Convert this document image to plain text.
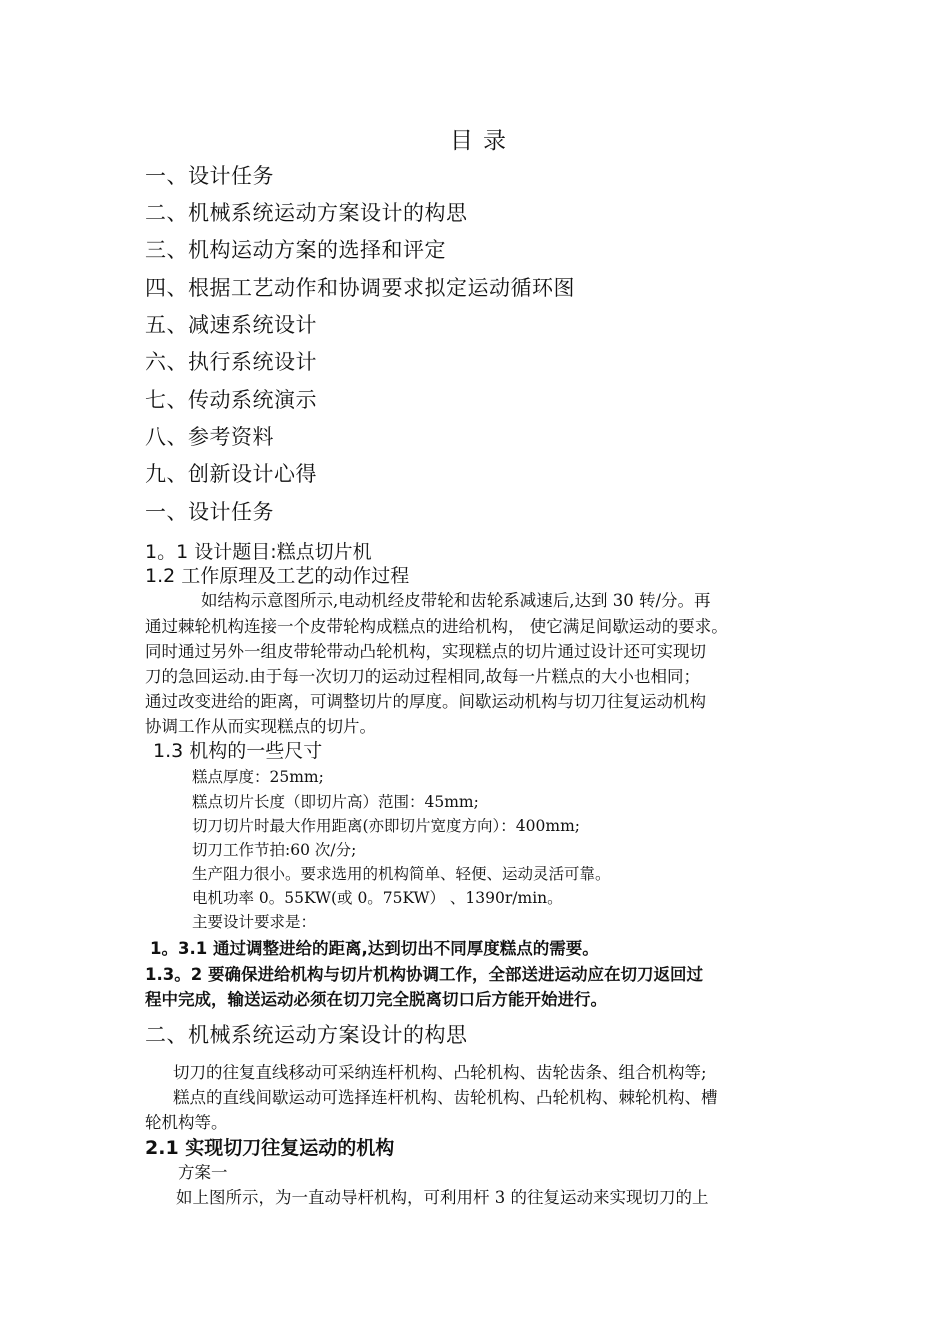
目录
一、设计任务
二、机械系统运动方案设计的构思
三、机构运动方案的选择和评定
四、根据工艺动作和协调要求拟定运动循环图
五、减速系统设计
六、执行系统设计
七、传动系统演示
八、参考资料
九、创新设计心得
一、设计任务
1。1 设计题目:糕点切片机
1.2 工作原理及工艺的动作过程
如结构示意图所示,电动机经皮带轮和齿轮系减速后,达到 30 转/分。再
通过棘轮机构连接一个皮带轮构成糕点的进给机构， 使它满足间歇运动的要求。
同时通过另外一组皮带轮带动凸轮机构，实现糕点的切片通过设计还可实现切
刀的急回运动.由于每一次切刀的运动过程相同,故每一片糕点的大小也相同；
通过改变进给的距离，可调整切片的厚度。间歇运动机构与切刀往复运动机构
协调工作从而实现糕点的切片。
1.3 机构的一些尺寸
糕点厚度：25mm;
糕点切片长度（即切片高）范围：45mm;
切刀切片时最大作用距离(亦即切片宽度方向）：400mm;
切刀工作节拍:60 次/分;
生产阻力很小。要求选用的机构简单、轻便、运动灵活可靠。
电机功率 0。55KW(或 0。75KW） 、1390r/min。
主要设计要求是：
1。3.1 通过调整进给的距离,达到切出不同厚度糕点的需要。
1.3。2 要确保进给机构与切片机构协调工作，全部送进运动应在切刀返回过
程中完成，输送运动必须在切刀完全脱离切口后方能开始进行。
二、机械系统运动方案设计的构思
切刀的往复直线移动可采纳连杆机构、凸轮机构、齿轮齿条、组合机构等;
糕点的直线间歇运动可选择连杆机构、齿轮机构、凸轮机构、棘轮机构、槽
轮机构等。
2.1 实现切刀往复运动的机构
方案一
如上图所示，为一直动导杆机构，可利用杆 3 的往复运动来实现切刀的上
